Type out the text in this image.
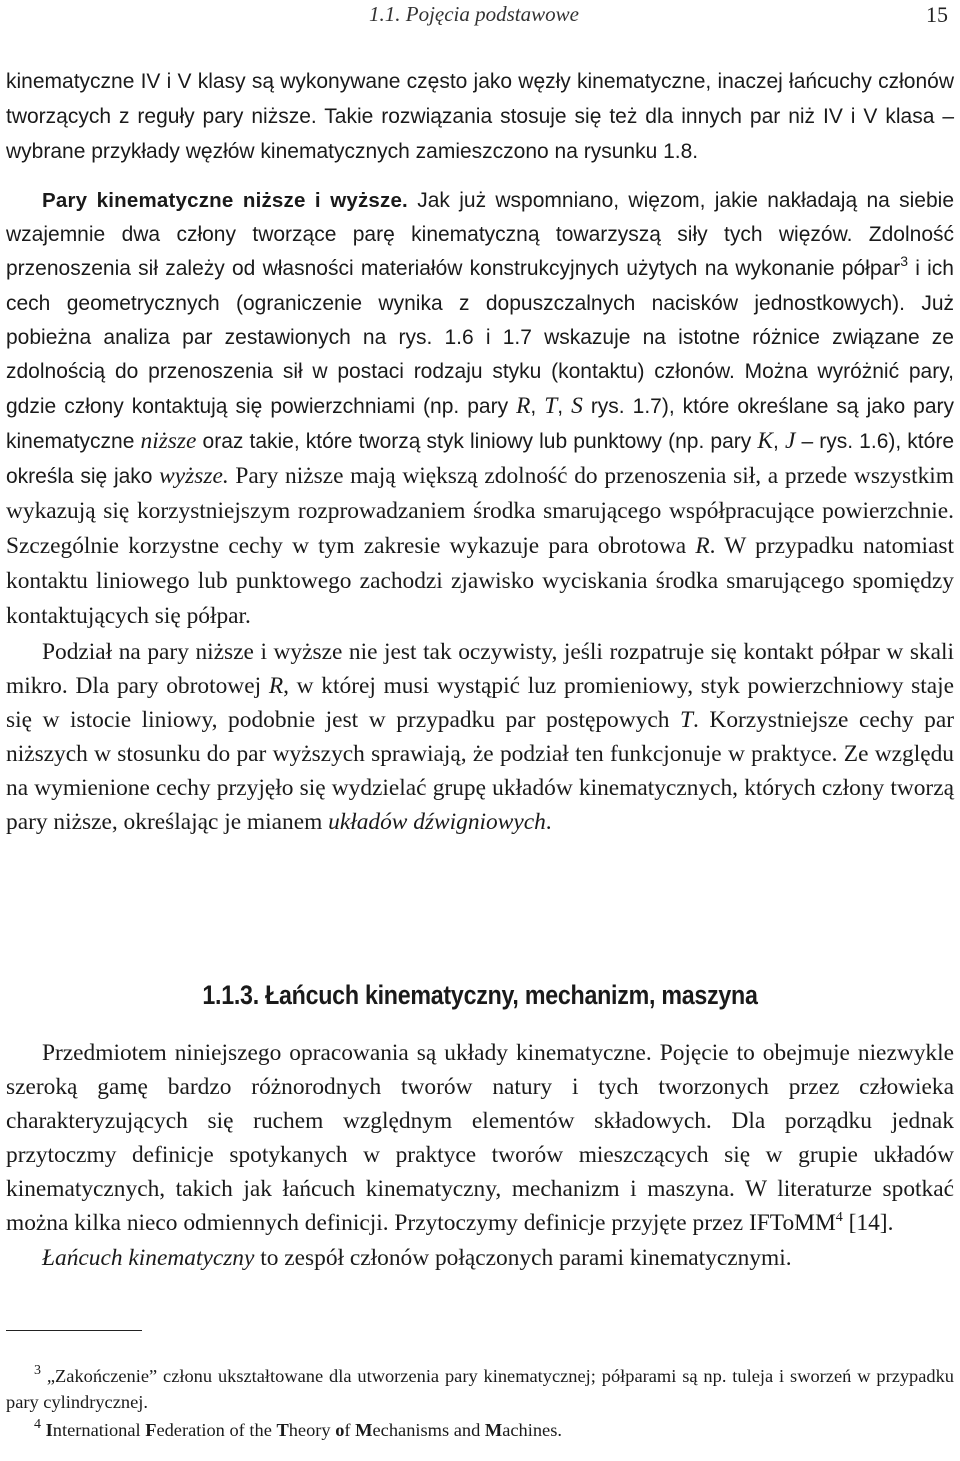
1.1. Pojęcia podstawowe	15

kinematyczne IV i V klasy są wykonywane często jako węzły kinematyczne, inaczej łańcuchy członów tworzących z reguły pary niższe. Takie rozwiązania stosuje się też dla innych par niż IV i V klasa – wybrane przykłady węzłów kinematycznych zamieszczono na rysunku 1.8.

Pary kinematyczne niższe i wyższe. Jak już wspomniano, więzom, jakie nakładają na siebie wzajemnie dwa człony tworzące parę kinematyczną towarzyszą siły tych więzów. Zdolność przenoszenia sił zależy od własności materiałów konstrukcyjnych użytych na wykonanie półpar$^3$ i ich cech geometrycznych (ograniczenie wynika z dopuszczalnych nacisków jednostkowych). Już pobieżna analiza par zestawionych na rys. 1.6 i 1.7 wskazuje na istotne różnice związane ze zdolnością do przenoszenia sił w postaci rodzaju styku (kontaktu) członów. Można wyróżnić pary, gdzie człony kontaktują się powierzchniami (np. pary R, T, S rys. 1.7), które określane są jako pary kinematyczne niższe oraz takie, które tworzą styk liniowy lub punktowy (np. pary K, J – rys. 1.6), które określa się jako wyższe. Pary niższe mają większą zdolność do przenoszenia sił, a przede wszystkim wykazują się korzystniejszym rozprowadzaniem środka smarującego współpracujące powierzchnie. Szczególnie korzystne cechy w tym zakresie wykazuje para obrotowa R. W przypadku natomiast kontaktu liniowego lub punktowego zachodzi zjawisko wyciskania środka smarującego spomiędzy kontaktujących się półpar.

Podział na pary niższe i wyższe nie jest tak oczywisty, jeśli rozpatruje się kontakt półpar w skali mikro. Dla pary obrotowej R, w której musi wystąpić luz promieniowy, styk powierzchniowy staje się w istocie liniowy, podobnie jest w przypadku par postępowych T. Korzystniejsze cechy par niższych w stosunku do par wyższych sprawiają, że podział ten funkcjonuje w praktyce. Ze względu na wymienione cechy przyjęło się wydzielać grupę układów kinematycznych, których człony tworzą pary niższe, określając je mianem układów dźwigniowych.

1.1.3. Łańcuch kinematyczny, mechanizm, maszyna

Przedmiotem niniejszego opracowania są układy kinematyczne. Pojęcie to obejmuje niezwykle szeroką gamę bardzo różnorodnych tworów natury i tych tworzonych przez człowieka charakteryzujących się ruchem względnym elementów składowych. Dla porządku jednak przytoczmy definicje spotykanych w praktyce tworów mieszczących się w grupie układów kinematycznych, takich jak łańcuch kinematyczny, mechanizm i maszyna. W literaturze spotkać można kilka nieco odmiennych definicji. Przytoczymy definicje przyjęte przez IFToMM$^4$ [14].

Łańcuch kinematyczny to zespół członów połączonych parami kinematycznymi.

$^3$ „Zakończenie” członu ukształtowane dla utworzenia pary kinematycznej; półparami są np. tuleja i sworzeń w przypadku pary cylindrycznej.

$^4$ International Federation of the Theory of Mechanisms and Machines.
